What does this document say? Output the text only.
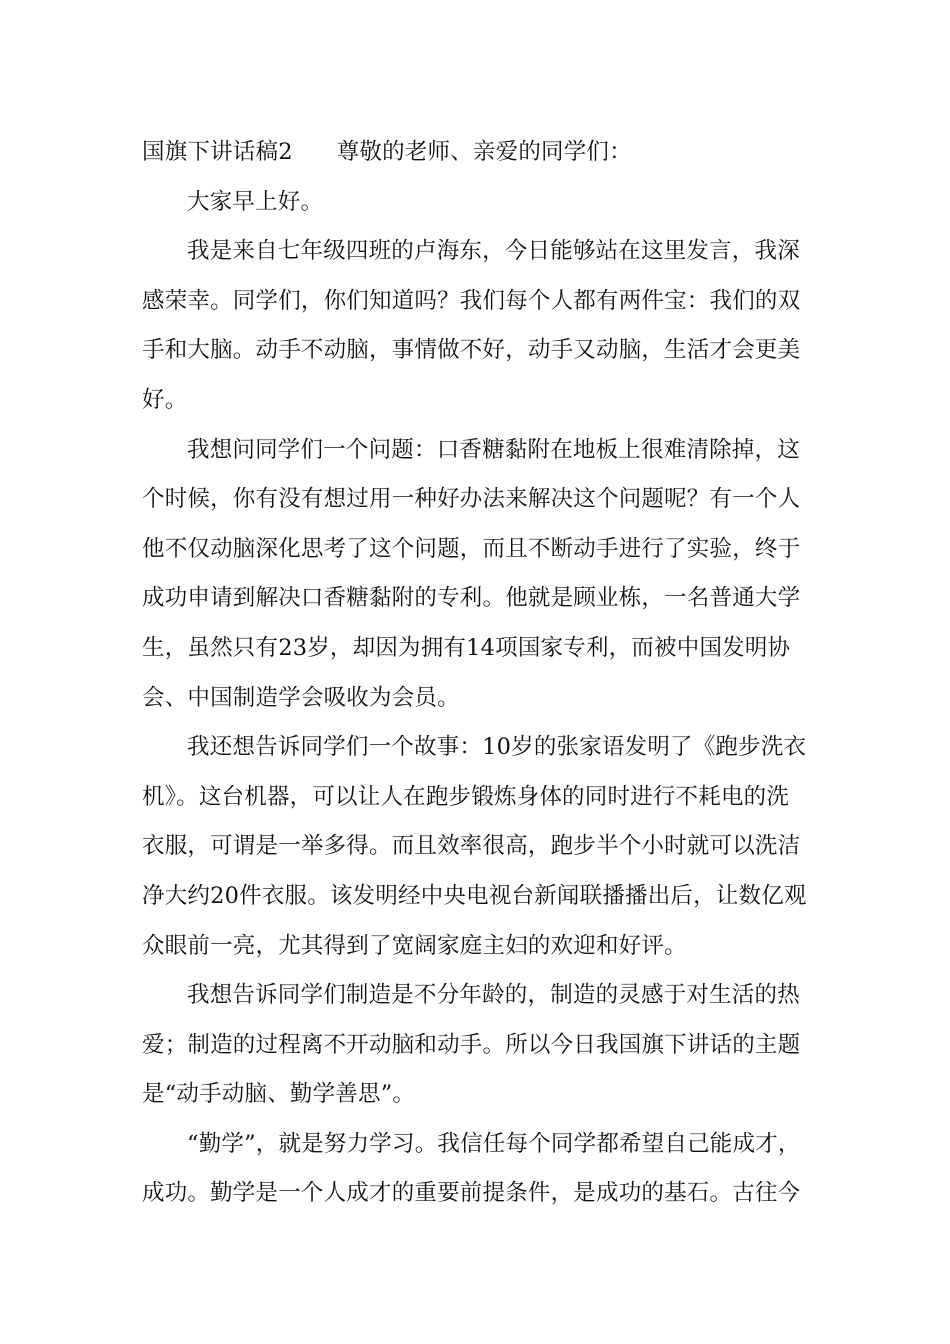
国旗下讲话稿2 尊敬的老师、亲爱的同学们：
大家早上好。
我是来自七年级四班的卢海东，今日能够站在这里发言，我深
感荣幸。同学们，你们知道吗？我们每个人都有两件宝：我们的双
手和大脑。动手不动脑，事情做不好，动手又动脑，生活才会更美
好。
我想问同学们一个问题：口香糖黏附在地板上很难清除掉，这
个时候，你有没有想过用一种好办法来解决这个问题呢？有一个人
他不仅动脑深化思考了这个问题，而且不断动手进行了实验，终于
成功申请到解决口香糖黏附的专利。他就是顾业栋，一名普通大学
生，虽然只有23岁，却因为拥有14项国家专利，而被中国发明协
会、中国制造学会吸收为会员。
我还想告诉同学们一个故事：10岁的张家语发明了《跑步洗衣
机》。这台机器，可以让人在跑步锻炼身体的同时进行不耗电的洗
衣服，可谓是一举多得。而且效率很高，跑步半个小时就可以洗洁
净大约20件衣服。该发明经中央电视台新闻联播播出后，让数亿观
众眼前一亮，尤其得到了宽阔家庭主妇的欢迎和好评。
我想告诉同学们制造是不分年龄的，制造的灵感于对生活的热
爱；制造的过程离不开动脑和动手。所以今日我国旗下讲话的主题
是“动手动脑、勤学善思”。
“勤学”，就是努力学习。我信任每个同学都希望自己能成才，
成功。勤学是一个人成才的重要前提条件，是成功的基石。古往今
